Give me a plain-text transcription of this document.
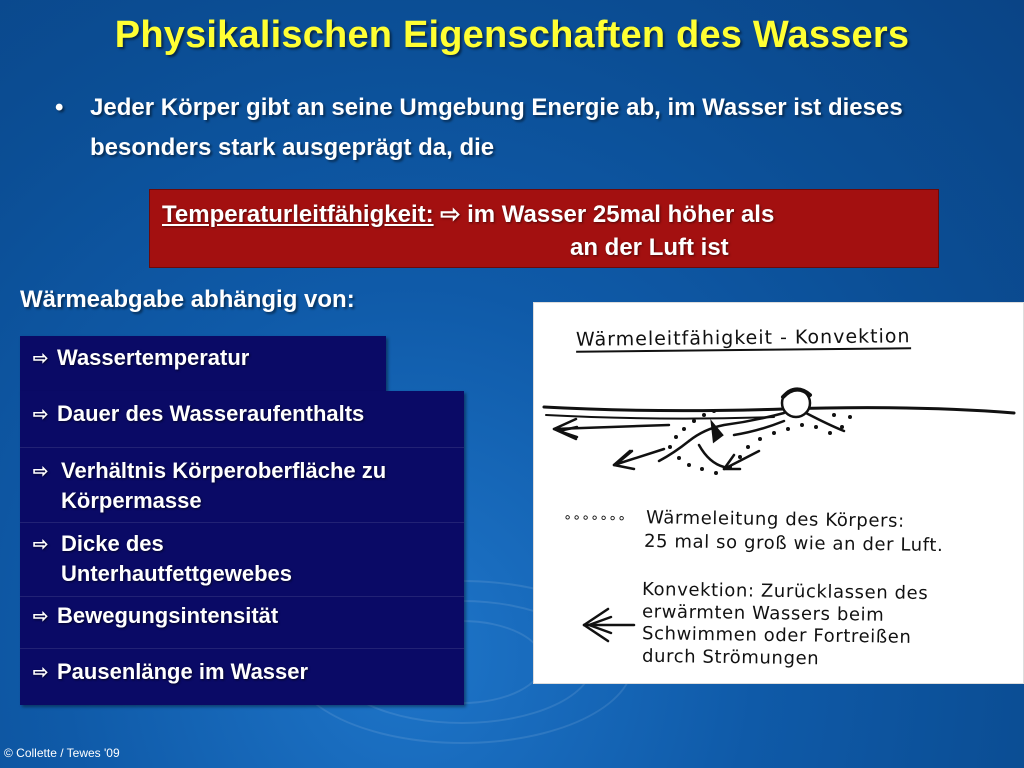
Physikalischen Eigenschaften des Wassers
•	Jeder Körper gibt an seine Umgebung Energie ab, im Wasser ist dieses besonders stark ausgeprägt da, die
Temperaturleitfähigkeit: ⇨ im Wasser 25mal höher als
an der Luft ist
Wärmeabgabe abhängig von:
⇨ Wassertemperatur
⇨ Dauer des Wasseraufenthalts
⇨ Verhältnis Körperoberfläche zu Körpermasse
⇨ Dicke des Unterhautfettgewebes
⇨ Bewegungsintensität
⇨ Pausenlänge im Wasser
Wärmeleitfähigkeit - Konvektion
°°°°°°° Wärmeleitung des Körpers:
25 mal so groß wie an der Luft.
Konvektion: Zurücklassen des
erwärmten Wassers beim
Schwimmen oder Fortreißen
durch Strömungen
© Collette / Tewes '09
